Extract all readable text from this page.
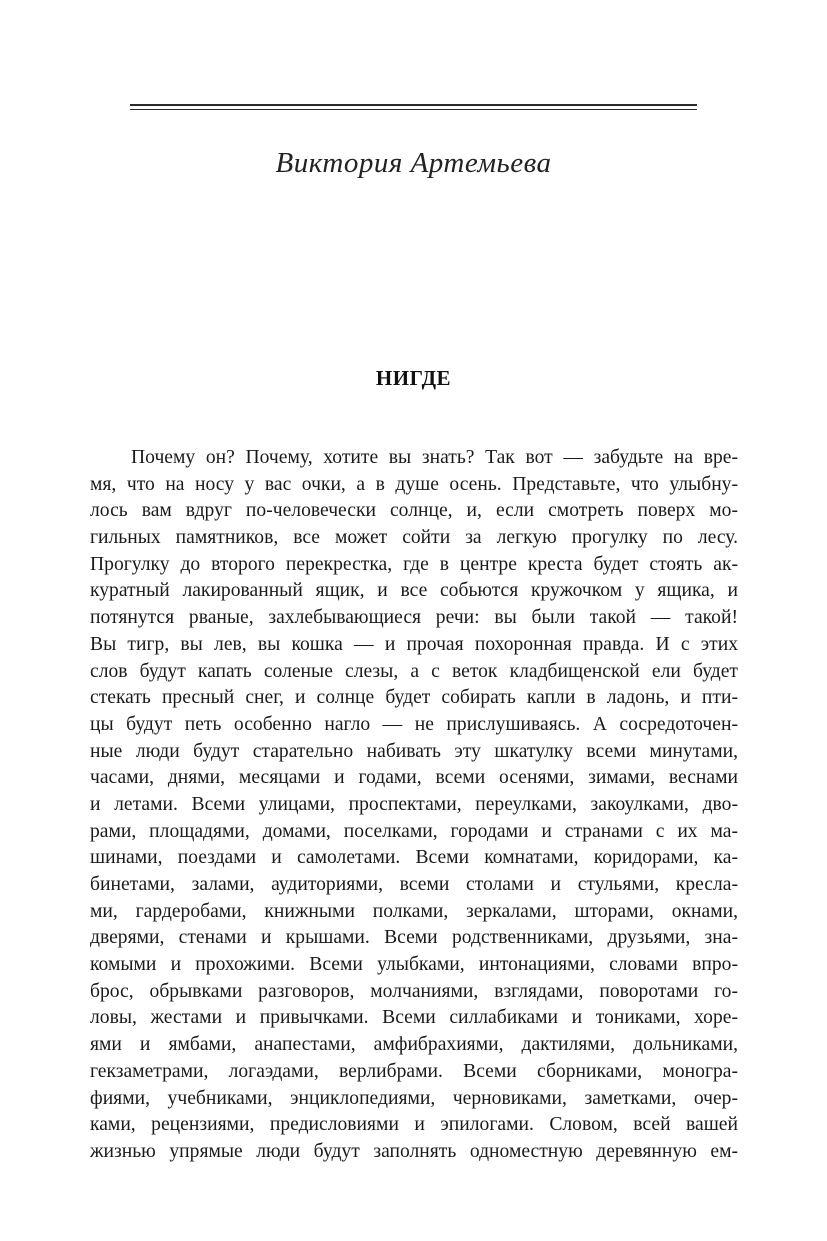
Виктория Артемьева
НИГДЕ
Почему он? Почему, хотите вы знать? Так вот — забудьте на вре-
мя, что на носу у вас очки, а в душе осень. Представьте, что улыбну-
лось вам вдруг по-человечески солнце, и, если смотреть поверх мо-
гильных памятников, все может сойти за легкую прогулку по лесу.
Прогулку до второго перекрестка, где в центре креста будет стоять ак-
куратный лакированный ящик, и все собьются кружочком у ящика, и
потянутся рваные, захлебывающиеся речи: вы были такой — такой!
Вы тигр, вы лев, вы кошка — и прочая похоронная правда. И с этих
слов будут капать соленые слезы, а с веток кладбищенской ели будет
стекать пресный снег, и солнце будет собирать капли в ладонь, и пти-
цы будут петь особенно нагло — не прислушиваясь. А сосредоточен-
ные люди будут старательно набивать эту шкатулку всеми минутами,
часами, днями, месяцами и годами, всеми осенями, зимами, веснами
и летами. Всеми улицами, проспектами, переулками, закоулками, дво-
рами, площадями, домами, поселками, городами и странами с их ма-
шинами, поездами и самолетами. Всеми комнатами, коридорами, ка-
бинетами, залами, аудиториями, всеми столами и стульями, кресла-
ми, гардеробами, книжными полками, зеркалами, шторами, окнами,
дверями, стенами и крышами. Всеми родственниками, друзьями, зна-
комыми и прохожими. Всеми улыбками, интонациями, словами впро-
брос, обрывками разговоров, молчаниями, взглядами, поворотами го-
ловы, жестами и привычками. Всеми силлабиками и тониками, хоре-
ями и ямбами, анапестами, амфибрахиями, дактилями, дольниками,
гекзаметрами, логаэдами, верлибрами. Всеми сборниками, моногра-
фиями, учебниками, энциклопедиями, черновиками, заметками, очер-
ками, рецензиями, предисловиями и эпилогами. Словом, всей вашей
жизнью упрямые люди будут заполнять одноместную деревянную ем-
